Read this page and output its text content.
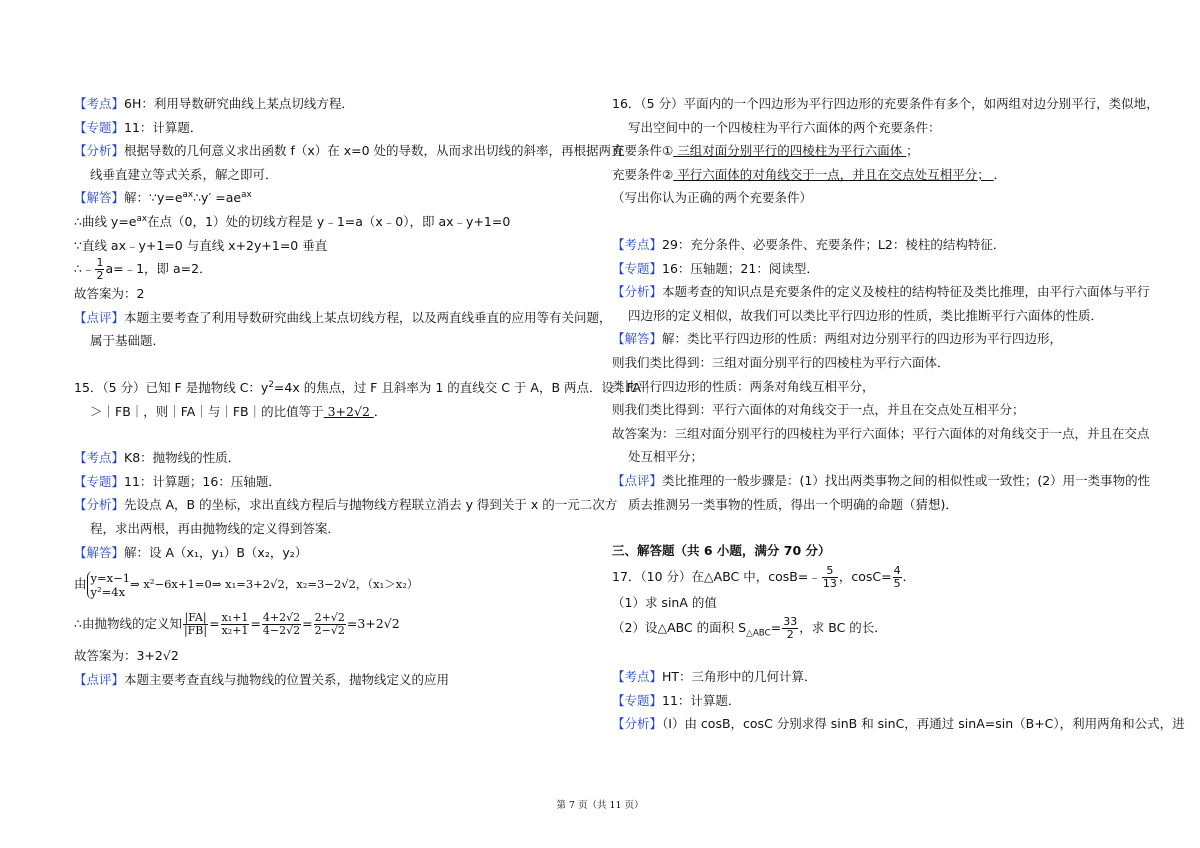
【考点】6H：利用导数研究曲线上某点切线方程．
【专题】11：计算题．
【分析】根据导数的几何意义求出函数 f（x）在 x=0 处的导数，从而求出切线的斜率，再根据两直
线垂直建立等式关系，解之即可．
【解答】解：$\because y=e^{ax}\therefore y' =ae^{ax}$
∴曲线 $y=e^{ax}$在点（0，1）处的切线方程是 y﹣1=a（x﹣0），即 ax﹣y+1=0
∵直线 ax﹣y+1=0 与直线 x+2y+1=0 垂直
∴﹣ $\frac{1}{2}$ a=﹣1，即 a=2．
故答案为：2
【点评】本题主要考查了利用导数研究曲线上某点切线方程，以及两直线垂直的应用等有关问题，
属于基础题．
15．（5 分）已知 F 是抛物线 C：$y^2=4x$ 的焦点，过 F 且斜率为 1 的直线交 C 于 A，B 两点．设｜FA｜
＞｜FB｜，则｜FA｜与｜FB｜的比值等于 3+2√2 ．
【考点】K8：抛物线的性质．
【专题】11：计算题；16：压轴题．
【分析】先设点 A，B 的坐标，求出直线方程后与抛物线方程联立消去 y 得到关于 x 的一元二次方
程，求出两根，再由抛物线的定义得到答案．
【解答】解：设 A（x₁，y₁）B（x₂，y₂）
由 y=x−1
y²=4x
⇒ x²−6x+1=0⇒ x₁=3+2√2，x₂=3−2√2，（x₁＞x₂）
∴由抛物线的定义知 $\frac{|FA|}{|FB|} = \frac{\text{x₁+1}}{\text{x₂+1}} = \frac{4+2√2}{4-2√2} = \frac{2+√2}{2-√2} =3+2√2$
故答案为：3+2√2
【点评】本题主要考查直线与抛物线的位置关系，抛物线定义的应用
16．（5 分）平面内的一个四边形为平行四边形的充要条件有多个，如两组对边分别平行，类似地，
写出空间中的一个四棱柱为平行六面体的两个充要条件：
充要条件① 三组对面分别平行的四棱柱为平行六面体 ；
充要条件② 平行六面体的对角线交于一点，并且在交点处互相平分； ．
（写出你认为正确的两个充要条件）
【考点】29：充分条件、必要条件、充要条件；L2：棱柱的结构特征．
【专题】16：压轴题；21：阅读型．
【分析】本题考查的知识点是充要条件的定义及棱柱的结构特征及类比推理，由平行六面体与平行
四边形的定义相似，故我们可以类比平行四边形的性质，类比推断平行六面体的性质．
【解答】解：类比平行四边形的性质：两组对边分别平行的四边形为平行四边形，
则我们类比得到：三组对面分别平行的四棱柱为平行六面体．
类比平行四边形的性质：两条对角线互相平分，
则我们类比得到：平行六面体的对角线交于一点，并且在交点处互相平分；
故答案为：三组对面分别平行的四棱柱为平行六面体；平行六面体的对角线交于一点，并且在交点
处互相平分；
【点评】类比推理的一般步骤是：(1）找出两类事物之间的相似性或一致性；(2）用一类事物的性
质去推测另一类事物的性质，得出一个明确的命题（猜想)．
三、解答题（共 6 小题，满分 70 分）
17．（10 分）在△ABC 中，cosB=﹣ $\frac{5}{13}$ ，$\cos C= \frac{4}{5}$ ．
（1）求 sinA 的值
（2）设△ABC 的面积 $S_{\triangle ABC}= \frac{33}{2}$ ，求 BC 的长．
【考点】HT：三角形中的几何计算．
【专题】11：计算题．
【分析】（Ⅰ）由 cosB，cosC 分别求得 sinB 和 sinC，再通过 sinA=sin（B+C），利用两角和公式，进
第 7 页（共 11 页）
